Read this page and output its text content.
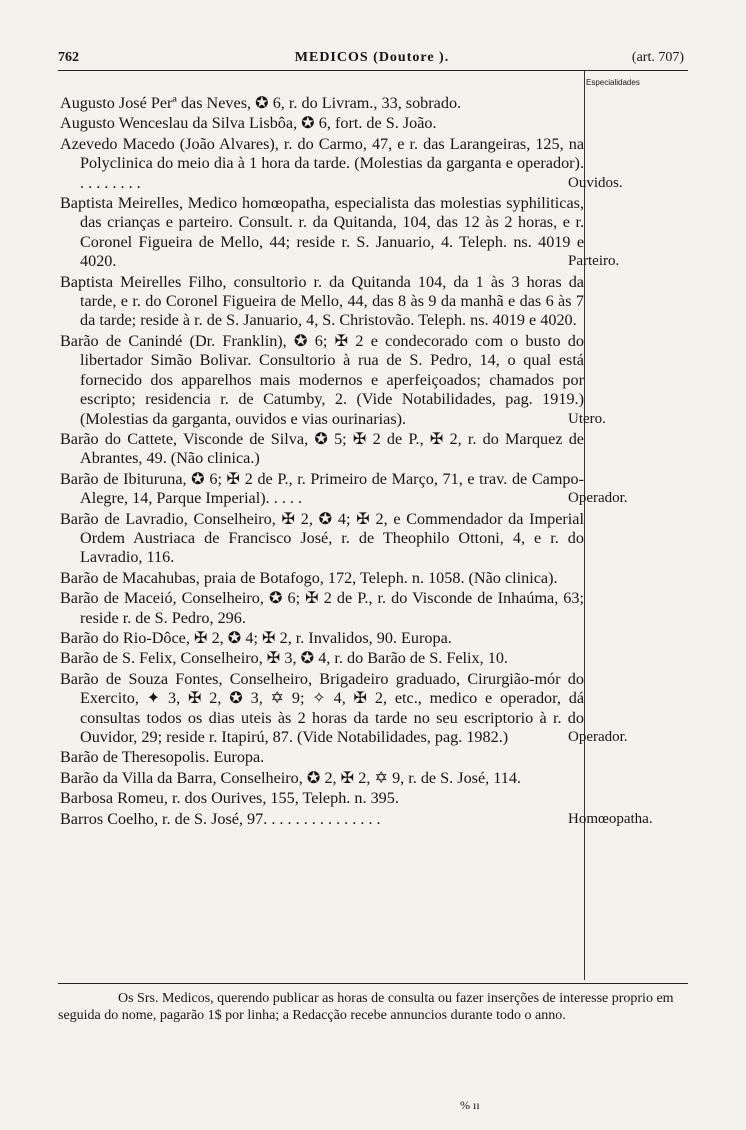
762	MEDICOS (Doutore ).	(art. 707)
Especialidades

Augusto José Perª das Neves, ✪ 6, r. do Livram., 33, sobrado.

Augusto Wenceslau da Silva Lisbôa, ✪ 6, fort. de S. João.

Azevedo Macedo (João Alvares), r. do Carmo, 47, e r. das Larangeiras, 125, na Polyclinica do meio dia à 1 hora da tarde. (Molestias da garganta e operador). . . . . . . . .	Ouvidos.

Baptista Meirelles, Medico homœopatha, especialista das molestias syphiliticas, das crianças e parteiro. Consult. r. da Quitanda, 104, das 12 às 2 horas, e r. Coronel Figueira de Mello, 44; reside r. S. Januario, 4. Teleph. ns. 4019 e 4020.	Parteiro.

Baptista Meirelles Filho, consultorio r. da Quitanda 104, da 1 às 3 horas da tarde, e r. do Coronel Figueira de Mello, 44, das 8 às 9 da manhã e das 6 às 7 da tarde; reside à r. de S. Januario, 4, S. Christovão. Teleph. ns. 4019 e 4020.

Barão de Canindé (Dr. Franklin), ✪ 6; ✠ 2 e condecorado com o busto do libertador Simão Bolivar. Consultorio à rua de S. Pedro, 14, o qual está fornecido dos apparelhos mais modernos e aperfeiçoados; chamados por escripto; residencia r. de Catumby, 2. (Vide Notabilidades, pag. 1919.) (Molestias da garganta, ouvidos e vias ourinarias).	Utero.

Barão do Cattete, Visconde de Silva, ✪ 5; ✠ 2 de P., ✠ 2, r. do Marquez de Abrantes, 49. (Não clinica.)

Barão de Ibituruna, ✪ 6; ✠ 2 de P., r. Primeiro de Março, 71, e trav. de Campo-Alegre, 14, Parque Imperial). . . . .	Operador.

Barão de Lavradio, Conselheiro, ✠ 2, ✪ 4; ✠ 2, e Commendador da Imperial Ordem Austriaca de Francisco José, r. de Theophilo Ottoni, 4, e r. do Lavradio, 116.

Barão de Macahubas, praia de Botafogo, 172, Teleph. n. 1058. (Não clinica).

Barão de Maceió, Conselheiro, ✪ 6; ✠ 2 de P., r. do Visconde de Inhaúma, 63; reside r. de S. Pedro, 296.

Barão do Rio-Dôce, ✠ 2, ✪ 4; ✠ 2, r. Invalidos, 90. Europa.

Barão de S. Felix, Conselheiro, ✠ 3, ✪ 4, r. do Barão de S. Felix, 10.

Barão de Souza Fontes, Conselheiro, Brigadeiro graduado, Cirurgião-mór do Exercito, ✦ 3, ✠ 2, ✪ 3, ✡ 9; ✧ 4, ✠ 2, etc., medico e operador, dá consultas todos os dias uteis às 2 horas da tarde no seu escriptorio à r. do Ouvidor, 29; reside r. Itapirú, 87. (Vide Notabilidades, pag. 1982.)	Operador.

Barão de Theresopolis. Europa.

Barão da Villa da Barra, Conselheiro, ✪ 2, ✠ 2, ✡ 9, r. de S. José, 114.

Barbosa Romeu, r. dos Ourives, 155, Teleph. n. 395.

Barros Coelho, r. de S. José, 97. . . . . . . . . . . . . . .	Homœopatha.

Os Srs. Medicos, querendo publicar as horas de consulta ou fazer inserções de interesse proprio em seguida do nome, pagarão 1$ por linha; a Redacção recebe annuncios durante todo o anno.
% ıı
